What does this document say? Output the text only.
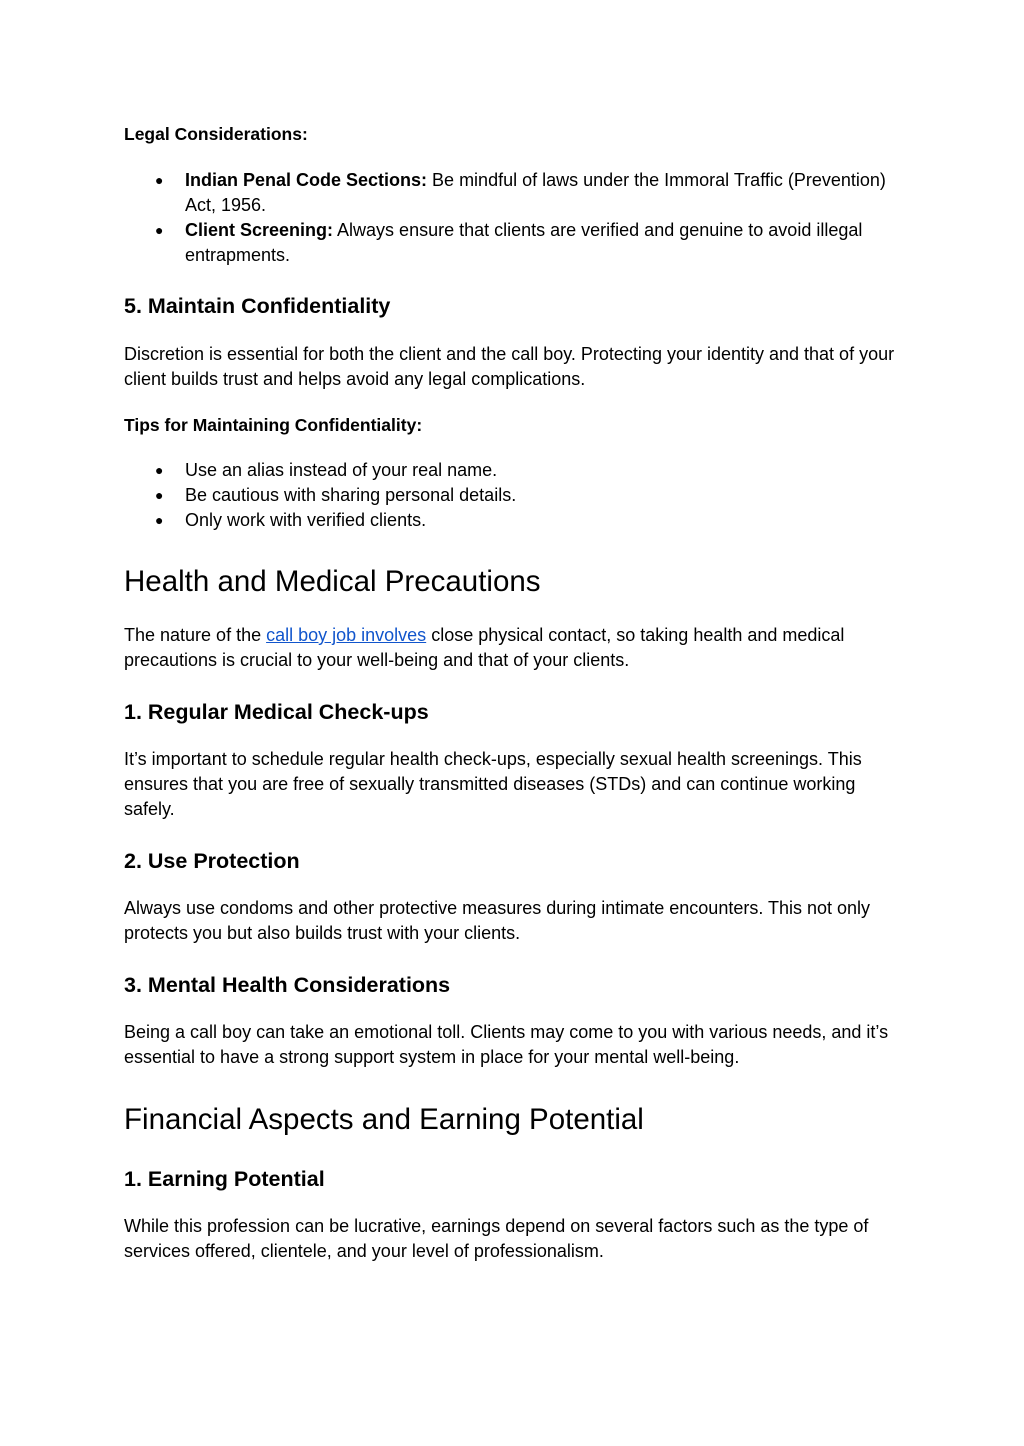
Legal Considerations:

● Indian Penal Code Sections: Be mindful of laws under the Immoral Traffic (Prevention) Act, 1956.
● Client Screening: Always ensure that clients are verified and genuine to avoid illegal entrapments.
5. Maintain Confidentiality

Discretion is essential for both the client and the call boy. Protecting your identity and that of your client builds trust and helps avoid any legal complications.

Tips for Maintaining Confidentiality:

● Use an alias instead of your real name.
● Be cautious with sharing personal details.
● Only work with verified clients.
Health and Medical Precautions

The nature of the call boy job involves close physical contact, so taking health and medical precautions is crucial to your well-being and that of your clients.

1. Regular Medical Check-ups

It’s important to schedule regular health check-ups, especially sexual health screenings. This ensures that you are free of sexually transmitted diseases (STDs) and can continue working safely.

2. Use Protection

Always use condoms and other protective measures during intimate encounters. This not only protects you but also builds trust with your clients.

3. Mental Health Considerations

Being a call boy can take an emotional toll. Clients may come to you with various needs, and it’s essential to have a strong support system in place for your mental well-being.

Financial Aspects and Earning Potential
1. Earning Potential

While this profession can be lucrative, earnings depend on several factors such as the type of services offered, clientele, and your level of professionalism.
